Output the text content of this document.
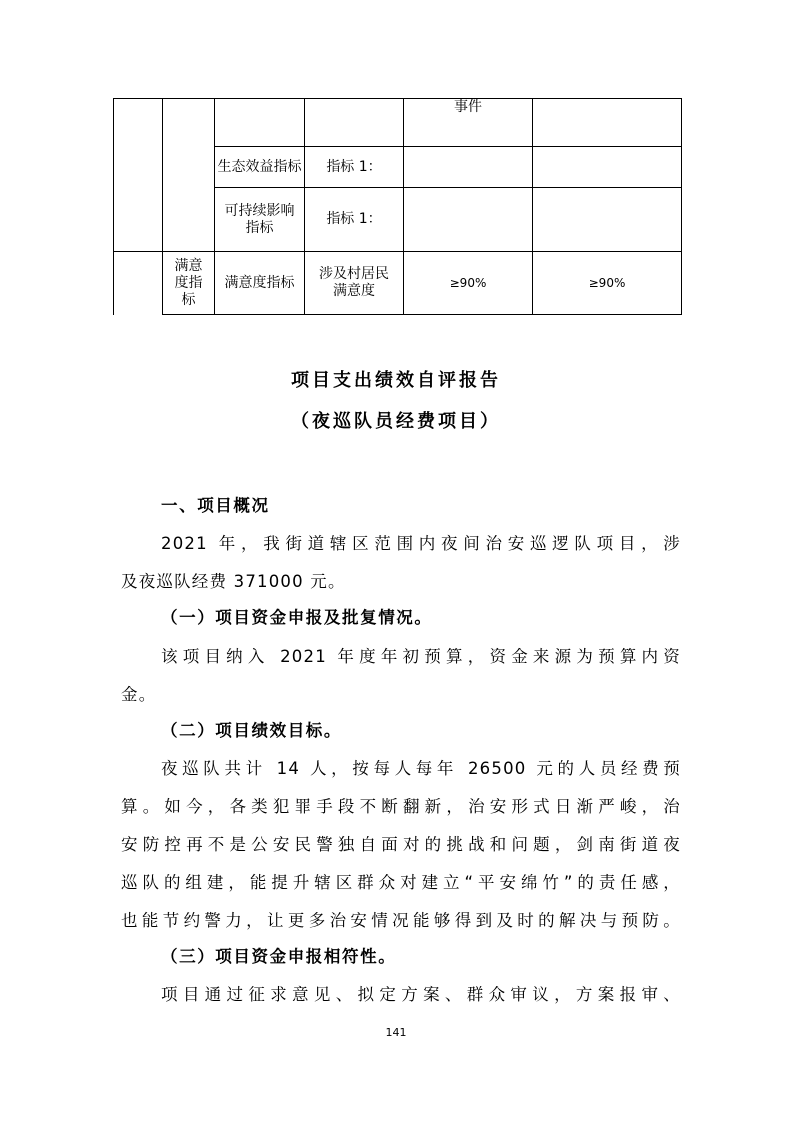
				事件	
		生态效益指标	指标 1：		
		可持续影响指标	指标 1：		
	满意度指标	满意度指标	涉及村居民满意度	≥90%	≥90%
项目支出绩效自评报告
（夜巡队员经费项目）
一、项目概况
2021 年，我街道辖区范围内夜间治安巡逻队项目，涉
及夜巡队经费 371000 元。
（一）项目资金申报及批复情况。
该项目纳入 2021 年度年初预算，资金来源为预算内资
金。
（二）项目绩效目标。
夜巡队共计 14 人，按每人每年 26500 元的人员经费预
算。如今，各类犯罪手段不断翻新，治安形式日渐严峻，治
安防控再不是公安民警独自面对的挑战和问题，剑南街道夜
巡队的组建，能提升辖区群众对建立“平安绵竹”的责任感，
也能节约警力，让更多治安情况能够得到及时的解决与预防。
（三）项目资金申报相符性。
项目通过征求意见、拟定方案、群众审议，方案报审、
141
